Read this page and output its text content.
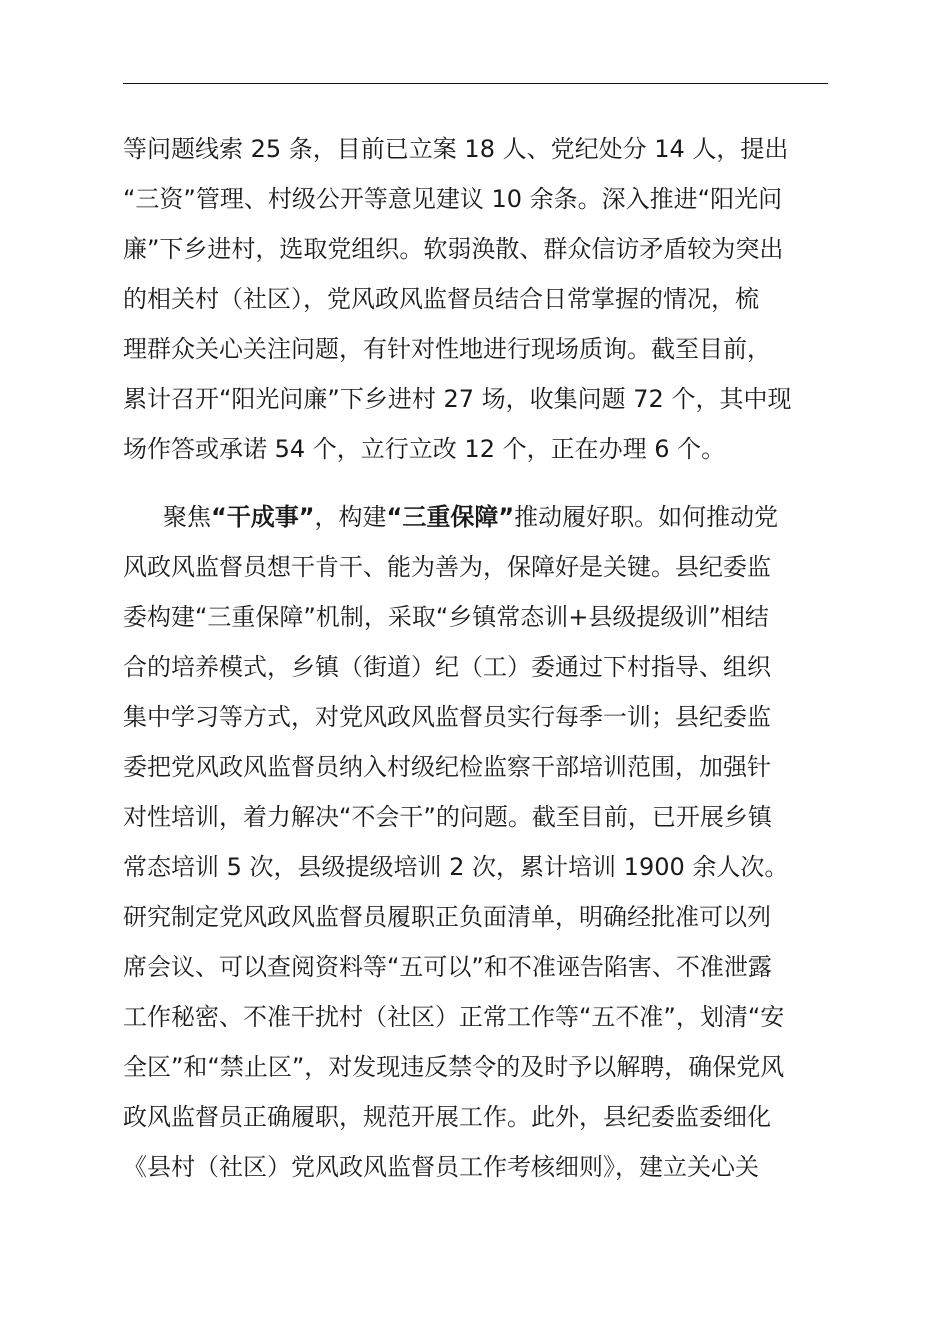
等问题线索 25 条，目前已立案 18 人、党纪处分 14 人，提出
“三资”管理、村级公开等意见建议 10 余条。深入推进“阳光问
廉”下乡进村，选取党组织。软弱涣散、群众信访矛盾较为突出
的相关村（社区），党风政风监督员结合日常掌握的情况，梳
理群众关心关注问题，有针对性地进行现场质询。截至目前，
累计召开“阳光问廉”下乡进村 27 场，收集问题 72 个，其中现
场作答或承诺 54 个，立行立改 12 个，正在办理 6 个。
聚焦“干成事”，构建“三重保障”推动履好职。如何推动党
风政风监督员想干肯干、能为善为，保障好是关键。县纪委监
委构建“三重保障”机制，采取“乡镇常态训+县级提级训”相结
合的培养模式，乡镇（街道）纪（工）委通过下村指导、组织
集中学习等方式，对党风政风监督员实行每季一训；县纪委监
委把党风政风监督员纳入村级纪检监察干部培训范围，加强针
对性培训，着力解决“不会干”的问题。截至目前，已开展乡镇
常态培训 5 次，县级提级培训 2 次，累计培训 1900 余人次。
研究制定党风政风监督员履职正负面清单，明确经批准可以列
席会议、可以查阅资料等“五可以”和不准诬告陷害、不准泄露
工作秘密、不准干扰村（社区）正常工作等“五不准”，划清“安
全区”和“禁止区”，对发现违反禁令的及时予以解聘，确保党风
政风监督员正确履职，规范开展工作。此外，县纪委监委细化
《县村（社区）党风政风监督员工作考核细则》，建立关心关
